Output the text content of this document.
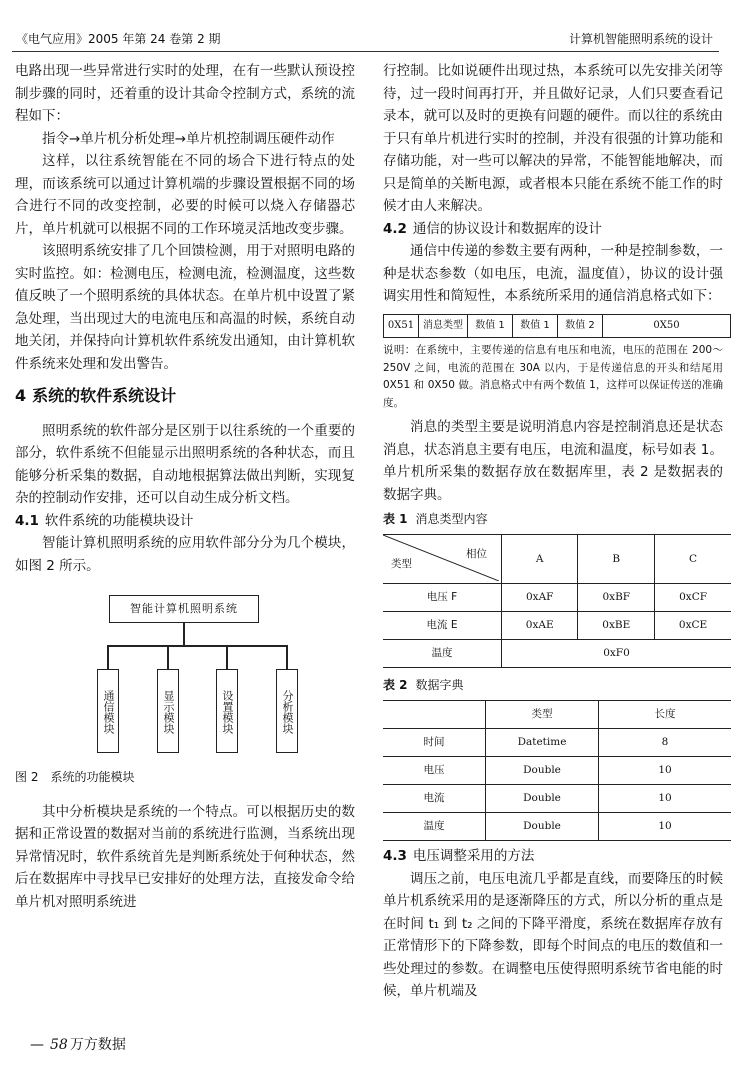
《电气应用》2005 年第 24 卷第 2 期	计算机智能照明系统的设计

电路出现一些异常进行实时的处理，在有一些默认预设控制步骤的同时，还着重的设计其命令控制方式，系统的流程如下：

指令→单片机分析处理→单片机控制调压硬件动作

这样，以往系统智能在不同的场合下进行特点的处理，而该系统可以通过计算机端的步骤设置根据不同的场合进行不同的改变控制，必要的时候可以烧入存储器芯片，单片机就可以根据不同的工作环境灵活地改变步骤。

该照明系统安排了几个回馈检测，用于对照明电路的实时监控。如：检测电压，检测电流，检测温度，这些数值反映了一个照明系统的具体状态。在单片机中设置了紧急处理，当出现过大的电流电压和高温的时候，系统自动地关闭，并保持向计算机软件系统发出通知，由计算机软件系统来处理和发出警告。

4 系统的软件系统设计

照明系统的软件部分是区别于以往系统的一个重要的部分，软件系统不但能显示出照明系统的各种状态，而且能够分析采集的数据，自动地根据算法做出判断，实现复杂的控制动作安排，还可以自动生成分析文档。

4.1 软件系统的功能模块设计

智能计算机照明系统的应用软件部分分为几个模块，如图 2 所示。

智能计算机照明系统
通信模块	显示模块	设置模块	分析模块

图 2　系统的功能模块

其中分析模块是系统的一个特点。可以根据历史的数据和正常设置的数据对当前的系统进行监测，当系统出现异常情况时，软件系统首先是判断系统处于何种状态，然后在数据库中寻找早已安排好的处理方法，直接发命令给单片机对照明系统进

行控制。比如说硬件出现过热，本系统可以先安排关闭等待，过一段时间再打开，并且做好记录，人们只要查看记录本，就可以及时的更换有问题的硬件。而以往的系统由于只有单片机进行实时的控制，并没有很强的计算功能和存储功能，对一些可以解决的异常，不能智能地解决，而只是简单的关断电源，或者根本只能在系统不能工作的时候才由人来解决。

4.2 通信的协议设计和数据库的设计

通信中传递的参数主要有两种，一种是控制参数，一种是状态参数（如电压，电流，温度值），协议的设计强调实用性和简短性，本系统所采用的通信消息格式如下：

0X51	消息类型	数值 1	数值 1	数值 2	0X50

说明：在系统中，主要传递的信息有电压和电流，电压的范围在 200～250V 之间，电流的范围在 30A 以内，于是传递信息的开头和结尾用 0X51 和 0X50 做。消息格式中有两个数值 1，这样可以保证传送的准确度。

消息的类型主要是说明消息内容是控制消息还是状态消息，状态消息主要有电压，电流和温度，标号如表 1。单片机所采集的数据存放在数据库里，表 2 是数据表的数据字典。

表 1 消息类型内容

相位
类型	A	B	C
电压 F	0xAF	0xBF	0xCF
电流 E	0xAE	0xBE	0xCE
温度	0xF0		

表 2 数据字典

	类型	长度
时间	Datetime	8
电压	Double	10
电流	Double	10
温度	Double	10

4.3 电压调整采用的方法

调压之前，电压电流几乎都是直线，而要降压的时候单片机系统采用的是逐渐降压的方式，所以分析的重点是在时间 t₁ 到 t₂ 之间的下降平滑度，系统在数据库存放有正常情形下的下降参数，即每个时间点的电压的数值和一些处理过的参数。在调整电压使得照明系统节省电能的时候，单片机端及

— 58 万方数据
